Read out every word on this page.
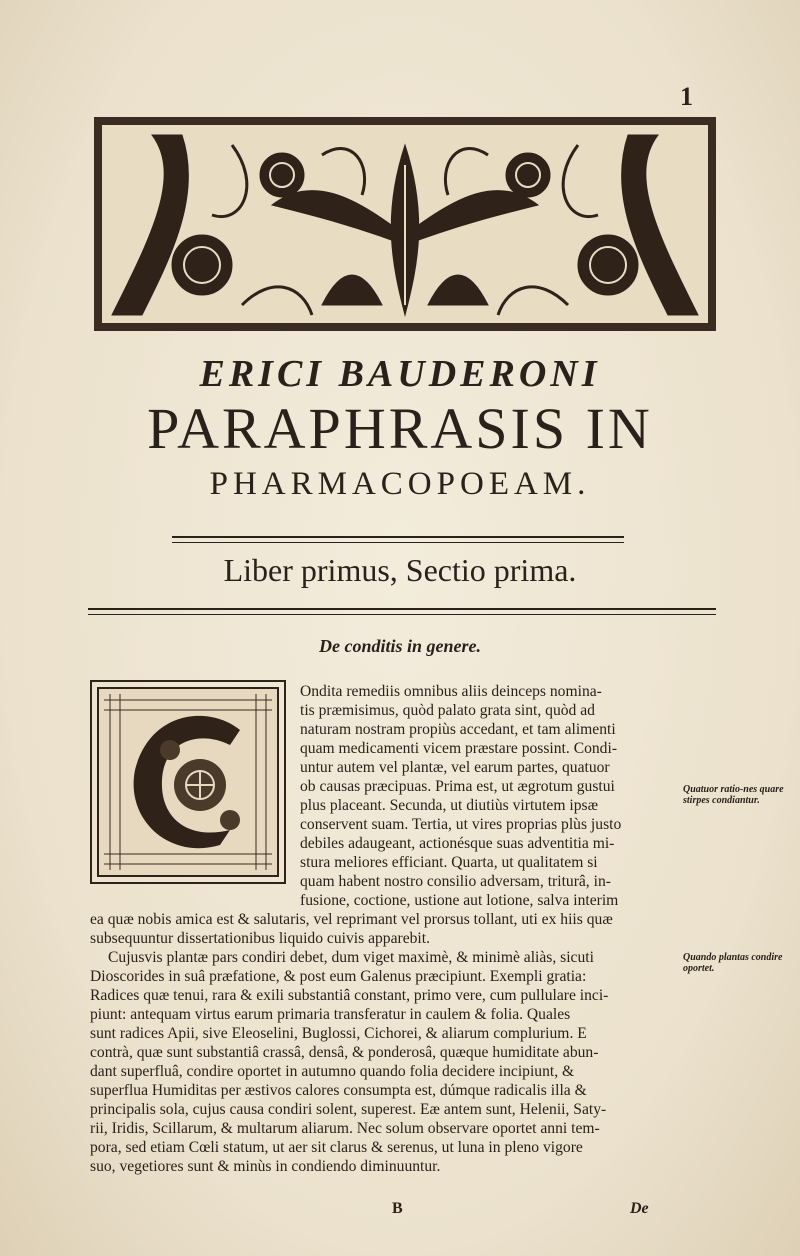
1
ERICI BAUDERONI
PARAPHRASIS IN
PHARMACOPOEAM.
Liber primus, Sectio prima.
De conditis in genere.
Ondita remediis omnibus aliis deinceps nomina-
tis præmisimus, quòd palato grata sint, quòd ad
naturam nostram propiùs accedant, et tam alimenti
quam medicamenti vicem præstare possint. Condi-
untur autem vel plantæ, vel earum partes, quatuor
ob causas præcipuas. Prima est, ut ægrotum gustui
plus placeant. Secunda, ut diutiùs virtutem ipsæ
conservent suam. Tertia, ut vires proprias plùs justo
debiles adaugeant, actionésque suas adventitia mi-
stura meliores efficiant. Quarta, ut qualitatem si
quam habent nostro consilio adversam, triturâ, in-
fusione, coctione, ustione aut lotione, salva interim
ea quæ nobis amica est & salutaris, vel reprimant vel prorsus tollant, uti ex hiis quæ
subsequuntur dissertationibus liquido cuivis apparebit.
Cujusvis plantæ pars condiri debet, dum viget maximè, & minimè aliàs, sicuti
Dioscorides in suâ præfatione, & post eum Galenus præcipiunt. Exempli gratia:
Radices quæ tenui, rara & exili substantiâ constant, primo vere, cum pullulare inci-
piunt: antequam virtus earum primaria transferatur in caulem & folia. Quales
sunt radices Apii, sive Eleoselini, Buglossi, Cichorei, & aliarum complurium. E
contrà, quæ sunt substantiâ crassâ, densâ, & ponderosâ, quæque humiditate abun-
dant superfluâ, condire oportet in autumno quando folia decidere incipiunt, &
superflua Humiditas per æstivos calores consumpta est, dúmque radicalis illa &
principalis sola, cujus causa condiri solent, superest. Eæ antem sunt, Helenii, Saty-
rii, Iridis, Scillarum, & multarum aliarum. Nec solum observare oportet anni tem-
pora, sed etiam Cœli statum, ut aer sit clarus & serenus, ut luna in pleno vigore
suo, vegetiores sunt & minùs in condiendo diminuuntur.
Quatuor ratio-nes quare stirpes condiantur.
Quando plantas condire oportet.
B	De
